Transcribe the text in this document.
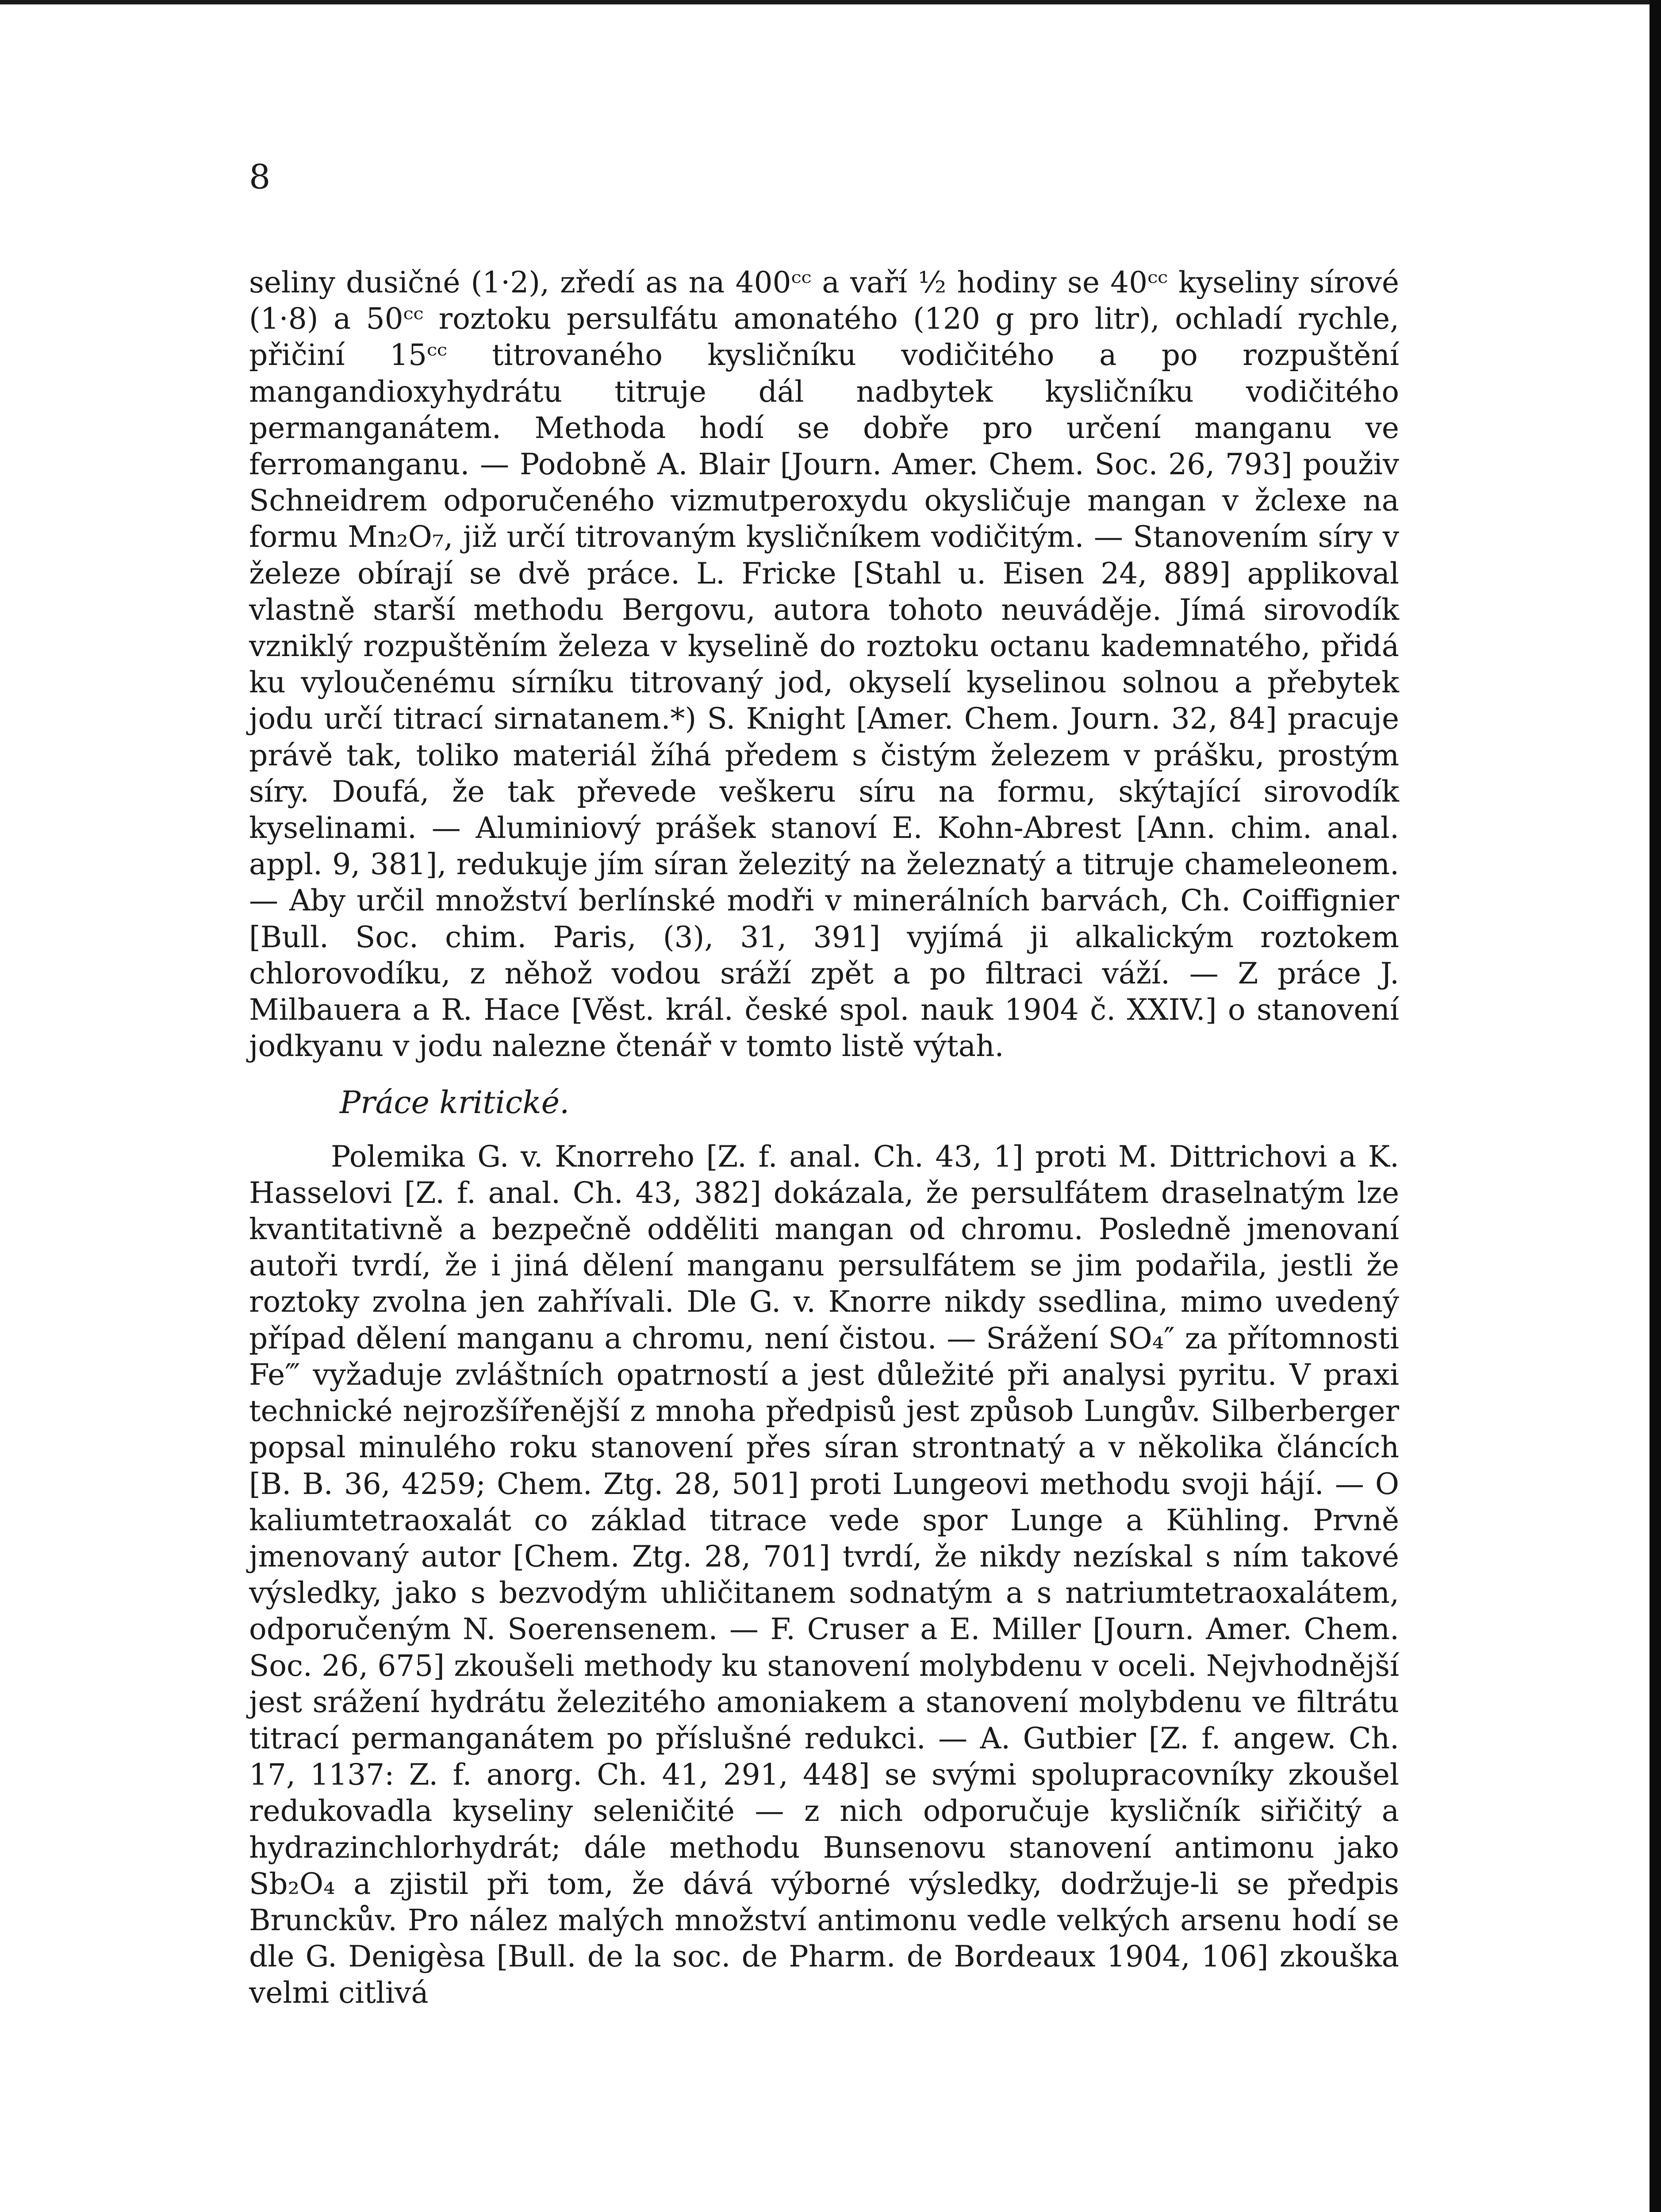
8

seliny dusičné (1·2), zředí as na 400ᶜᶜ a vaří ½ hodiny se 40ᶜᶜ kyseliny sírové (1·8) a 50ᶜᶜ roztoku persulfátu amonatého (120 g pro litr), ochladí rychle, přičiní 15ᶜᶜ titrovaného kysličníku vodičitého a po rozpuštění mangandioxyhydrátu titruje dál nadbytek kysličníku vodičitého permanganátem. Methoda hodí se dobře pro určení manganu ve ferromanganu. — Podobně A. Blair [Journ. Amer. Chem. Soc. 26, 793] použiv Schneidrem odporučeného vizmutperoxydu okysličuje mangan v žclexe na formu Mn₂O₇, již určí titrovaným kysličníkem vodičitým. — Stanovením síry v železe obírají se dvě práce. L. Fricke [Stahl u. Eisen 24, 889] applikoval vlastně starší methodu Bergovu, autora tohoto neuváděje. Jímá sirovodík vzniklý rozpuštěním železa v kyselině do roztoku octanu kademnatého, přidá ku vyloučenému sírníku titrovaný jod, okyselí kyselinou solnou a přebytek jodu určí titrací sirnatanem.*) S. Knight [Amer. Chem. Journ. 32, 84] pracuje právě tak, toliko materiál žíhá předem s čistým železem v prášku, prostým síry. Doufá, že tak převede veškeru síru na formu, skýtající sirovodík kyselinami. — Aluminiový prášek stanoví E. Kohn-Abrest [Ann. chim. anal. appl. 9, 381], redukuje jím síran železitý na železnatý a titruje chameleonem. — Aby určil množství berlínské modři v minerálních barvách, Ch. Coiffignier [Bull. Soc. chim. Paris, (3), 31, 391] vyjímá ji alkalickým roztokem chlorovodíku, z něhož vodou sráží zpět a po filtraci váží. — Z práce J. Milbauera a R. Hace [Věst. král. české spol. nauk 1904 č. XXIV.] o stanovení jodkyanu v jodu nalezne čtenář v tomto listě výtah.

Práce kritické.

Polemika G. v. Knorreho [Z. f. anal. Ch. 43, 1] proti M. Dittrichovi a K. Hasselovi [Z. f. anal. Ch. 43, 382] dokázala, že persulfátem draselnatým lze kvantitativně a bezpečně odděliti mangan od chromu. Posledně jmenovaní autoři tvrdí, že i jiná dělení manganu persulfátem se jim podařila, jestli že roztoky zvolna jen zahřívali. Dle G. v. Knorre nikdy ssedlina, mimo uvedený případ dělení manganu a chromu, není čistou. — Srážení SO₄″ za přítomnosti Fe‴ vyžaduje zvláštních opatrností a jest důležité při analysi pyritu. V praxi technické nejrozšířenější z mnoha předpisů jest způsob Lungův. Silberberger popsal minulého roku stanovení přes síran strontnatý a v několika článcích [B. B. 36, 4259; Chem. Ztg. 28, 501] proti Lungeovi methodu svoji hájí. — O kaliumtetraoxalát co základ titrace vede spor Lunge a Kühling. Prvně jmenovaný autor [Chem. Ztg. 28, 701] tvrdí, že nikdy nezískal s ním takové výsledky, jako s bezvodým uhličitanem sodnatým a s natriumtetraoxalátem, odporučeným N. Soerensenem. — F. Cruser a E. Miller [Journ. Amer. Chem. Soc. 26, 675] zkoušeli methody ku stanovení molybdenu v oceli. Nejvhodnější jest srážení hydrátu železitého amoniakem a stanovení molybdenu ve filtrátu titrací permanganátem po příslušné redukci. — A. Gutbier [Z. f. angew. Ch. 17, 1137: Z. f. anorg. Ch. 41, 291, 448] se svými spolupracovníky zkoušel redukovadla kyseliny seleničité — z nich odporučuje kysličník siřičitý a hydrazinchlorhydrát; dále methodu Bunsenovu stanovení antimonu jako Sb₂O₄ a zjistil při tom, že dává výborné výsledky, dodržuje-li se předpis Brunckův. Pro nález malých množství antimonu vedle velkých arsenu hodí se dle G. Denigèsa [Bull. de la soc. de Pharm. de Bordeaux 1904, 106] zkouška velmi citlivá
